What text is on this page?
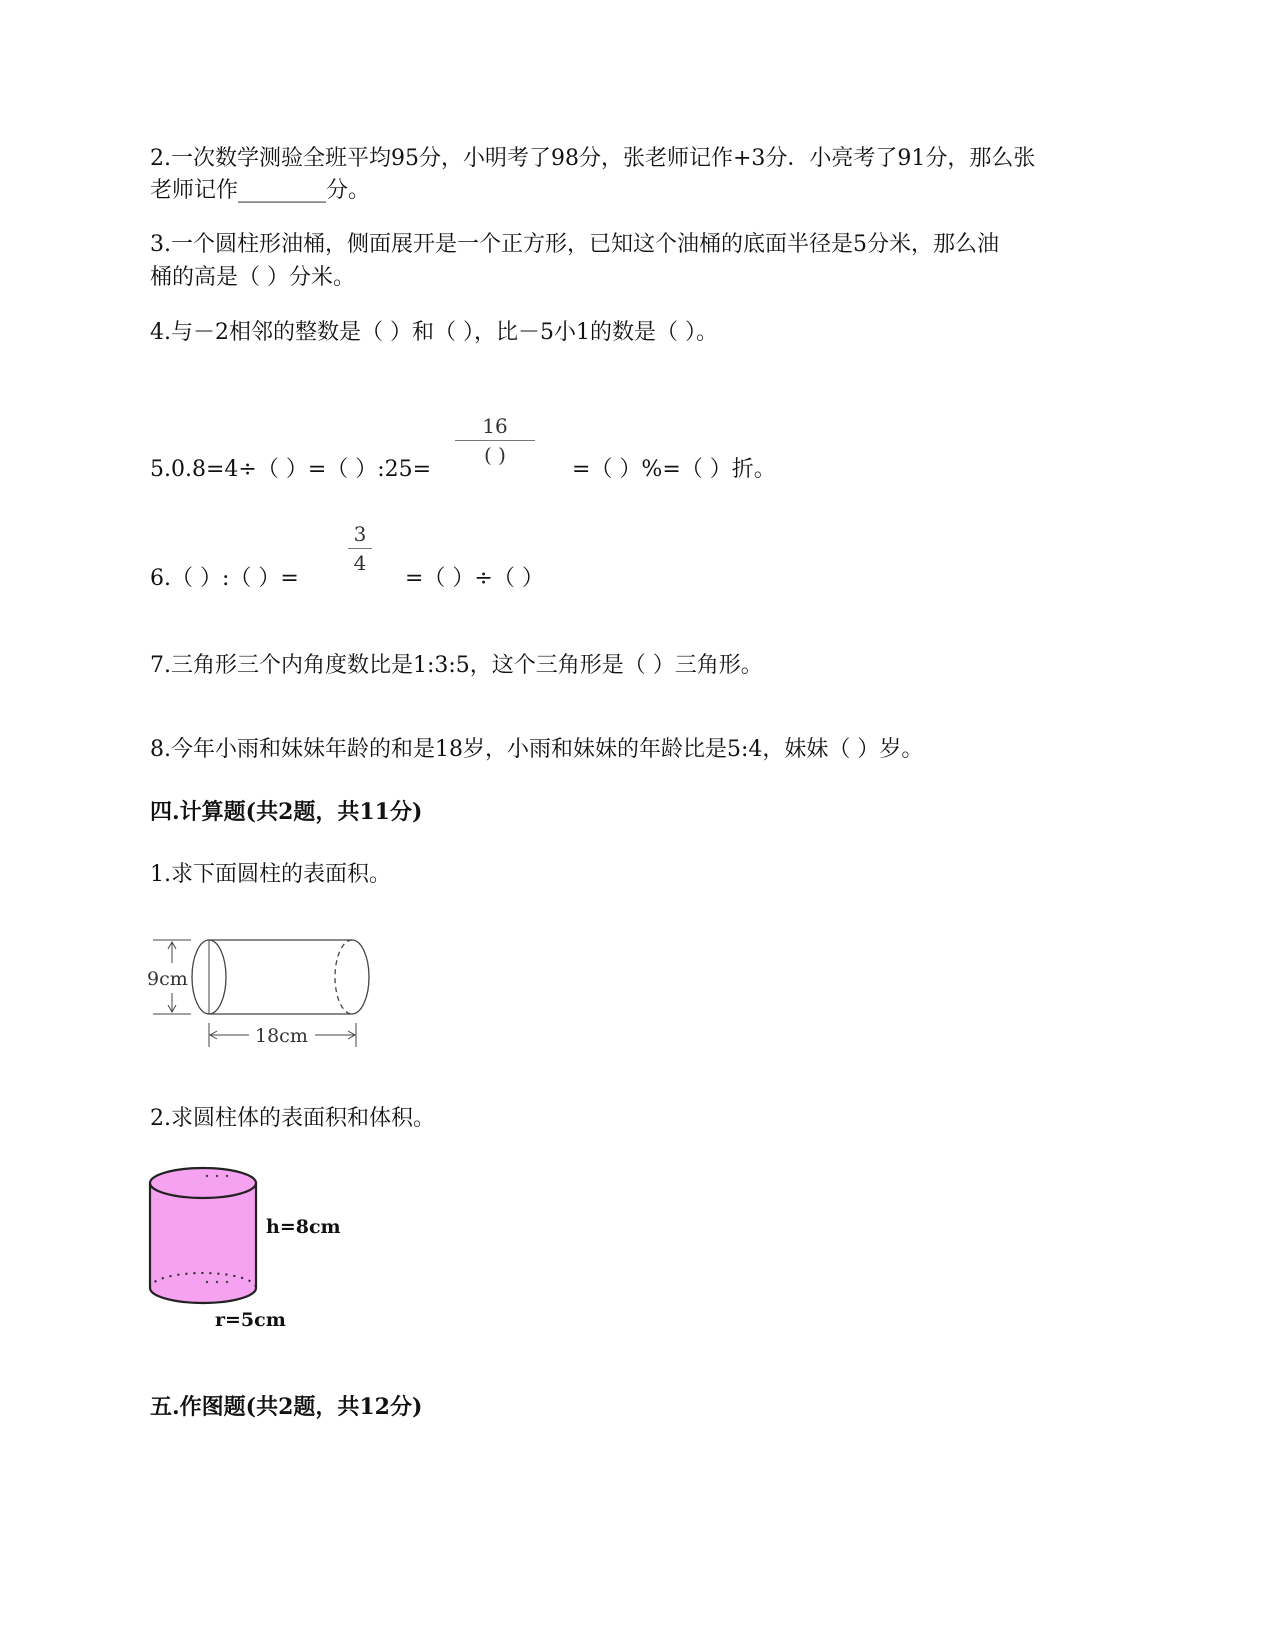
2.一次数学测验全班平均95分，小明考了98分，张老师记作+3分．小亮考了91分，那么张
老师记作________分。
3.一个圆柱形油桶，侧面展开是一个正方形，已知这个油桶的底面半径是5分米，那么油
桶的高是（ ）分米。
4.与－2相邻的整数是（ ）和（ ），比－5小1的数是（ ）。
5.0.8=4÷（ ）=（ ）:25=
16
( )
=（ ）%=（ ）折。
6.（ ）:（ ）=
3
4
=（ ）÷（ ）
7.三角形三个内角度数比是1:3:5，这个三角形是（ ）三角形。
8.今年小雨和妹妹年龄的和是18岁，小雨和妹妹的年龄比是5:4，妹妹（ ）岁。
四.计算题(共2题，共11分)
1.求下面圆柱的表面积。
9cm
18cm
2.求圆柱体的表面积和体积。
h=8cm
r=5cm
五.作图题(共2题，共12分)
